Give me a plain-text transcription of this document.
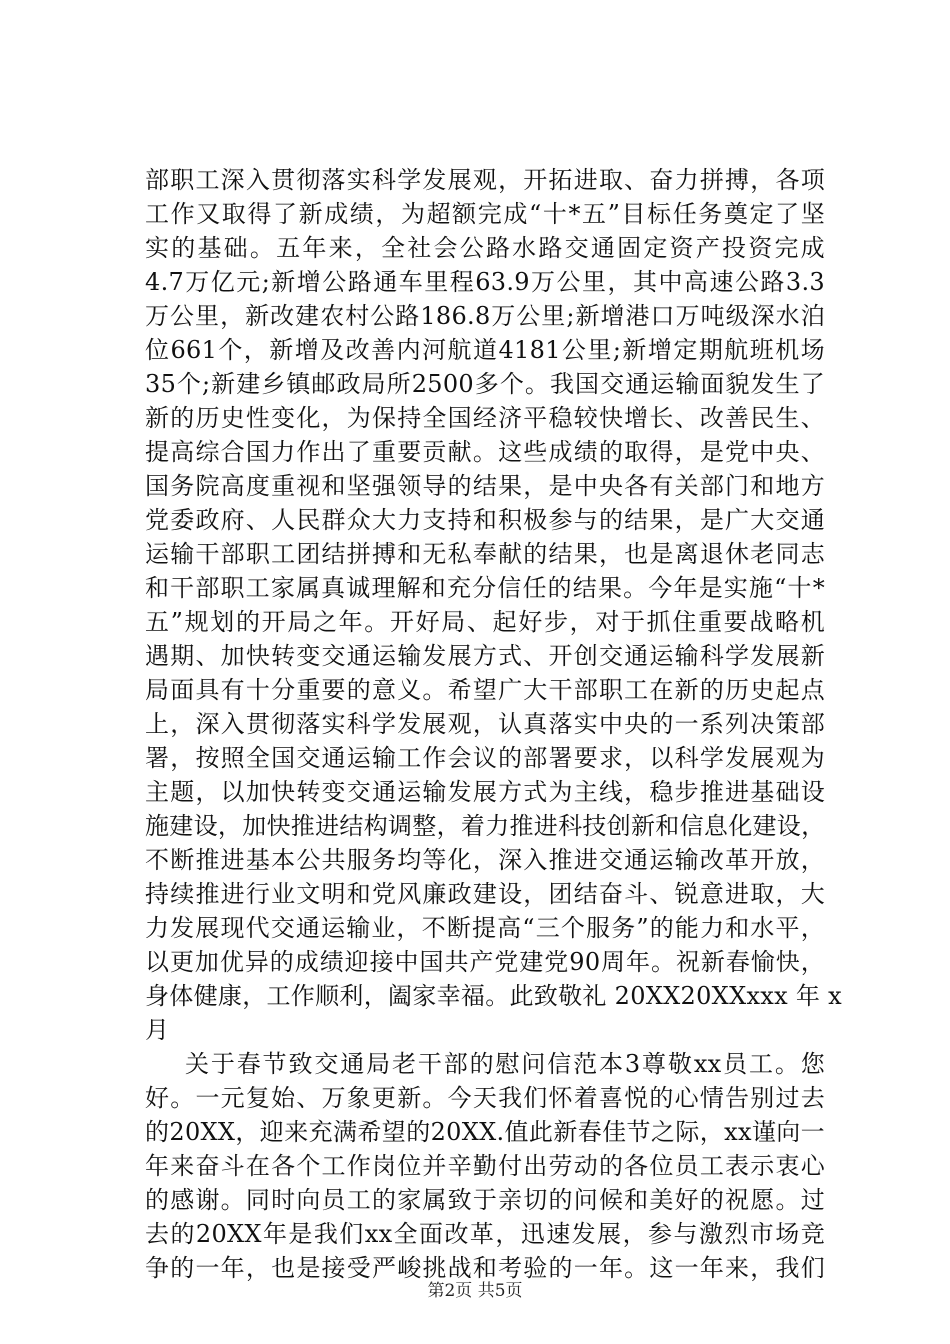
部职工深入贯彻落实科学发展观，开拓进取、奋力拼搏，各项
工作又取得了新成绩，为超额完成“十*五”目标任务奠定了坚
实的基础。五年来，全社会公路水路交通固定资产投资完成
4.7万亿元;新增公路通车里程63.9万公里，其中高速公路3.3
万公里，新改建农村公路186.8万公里;新增港口万吨级深水泊
位661个，新增及改善内河航道4181公里;新增定期航班机场
35个;新建乡镇邮政局所2500多个。我国交通运输面貌发生了
新的历史性变化，为保持全国经济平稳较快增长、改善民生、
提高综合国力作出了重要贡献。这些成绩的取得，是党中央、
国务院高度重视和坚强领导的结果，是中央各有关部门和地方
党委政府、人民群众大力支持和积极参与的结果，是广大交通
运输干部职工团结拼搏和无私奉献的结果，也是离退休老同志
和干部职工家属真诚理解和充分信任的结果。今年是实施“十*
五”规划的开局之年。开好局、起好步，对于抓住重要战略机
遇期、加快转变交通运输发展方式、开创交通运输科学发展新
局面具有十分重要的意义。希望广大干部职工在新的历史起点
上，深入贯彻落实科学发展观，认真落实中央的一系列决策部
署，按照全国交通运输工作会议的部署要求，以科学发展观为
主题，以加快转变交通运输发展方式为主线，稳步推进基础设
施建设，加快推进结构调整，着力推进科技创新和信息化建设，
不断推进基本公共服务均等化，深入推进交通运输改革开放，
持续推进行业文明和党风廉政建设，团结奋斗、锐意进取，大
力发展现代交通运输业，不断提高“三个服务”的能力和水平，
以更加优异的成绩迎接中国共产党建党90周年。祝新春愉快，
身体健康，工作顺利，阖家幸福。此致敬礼 20XX20XXxxx 年 x
月
关于春节致交通局老干部的慰问信范本3尊敬xx员工。您
好。一元复始、万象更新。今天我们怀着喜悦的心情告别过去
的20XX，迎来充满希望的20XX.值此新春佳节之际，xx谨向一
年来奋斗在各个工作岗位并辛勤付出劳动的各位员工表示衷心
的感谢。同时向员工的家属致于亲切的问候和美好的祝愿。过
去的20XX年是我们xx全面改革，迅速发展，参与激烈市场竞
争的一年，也是接受严峻挑战和考验的一年。这一年来，我们
第2页 共5页
